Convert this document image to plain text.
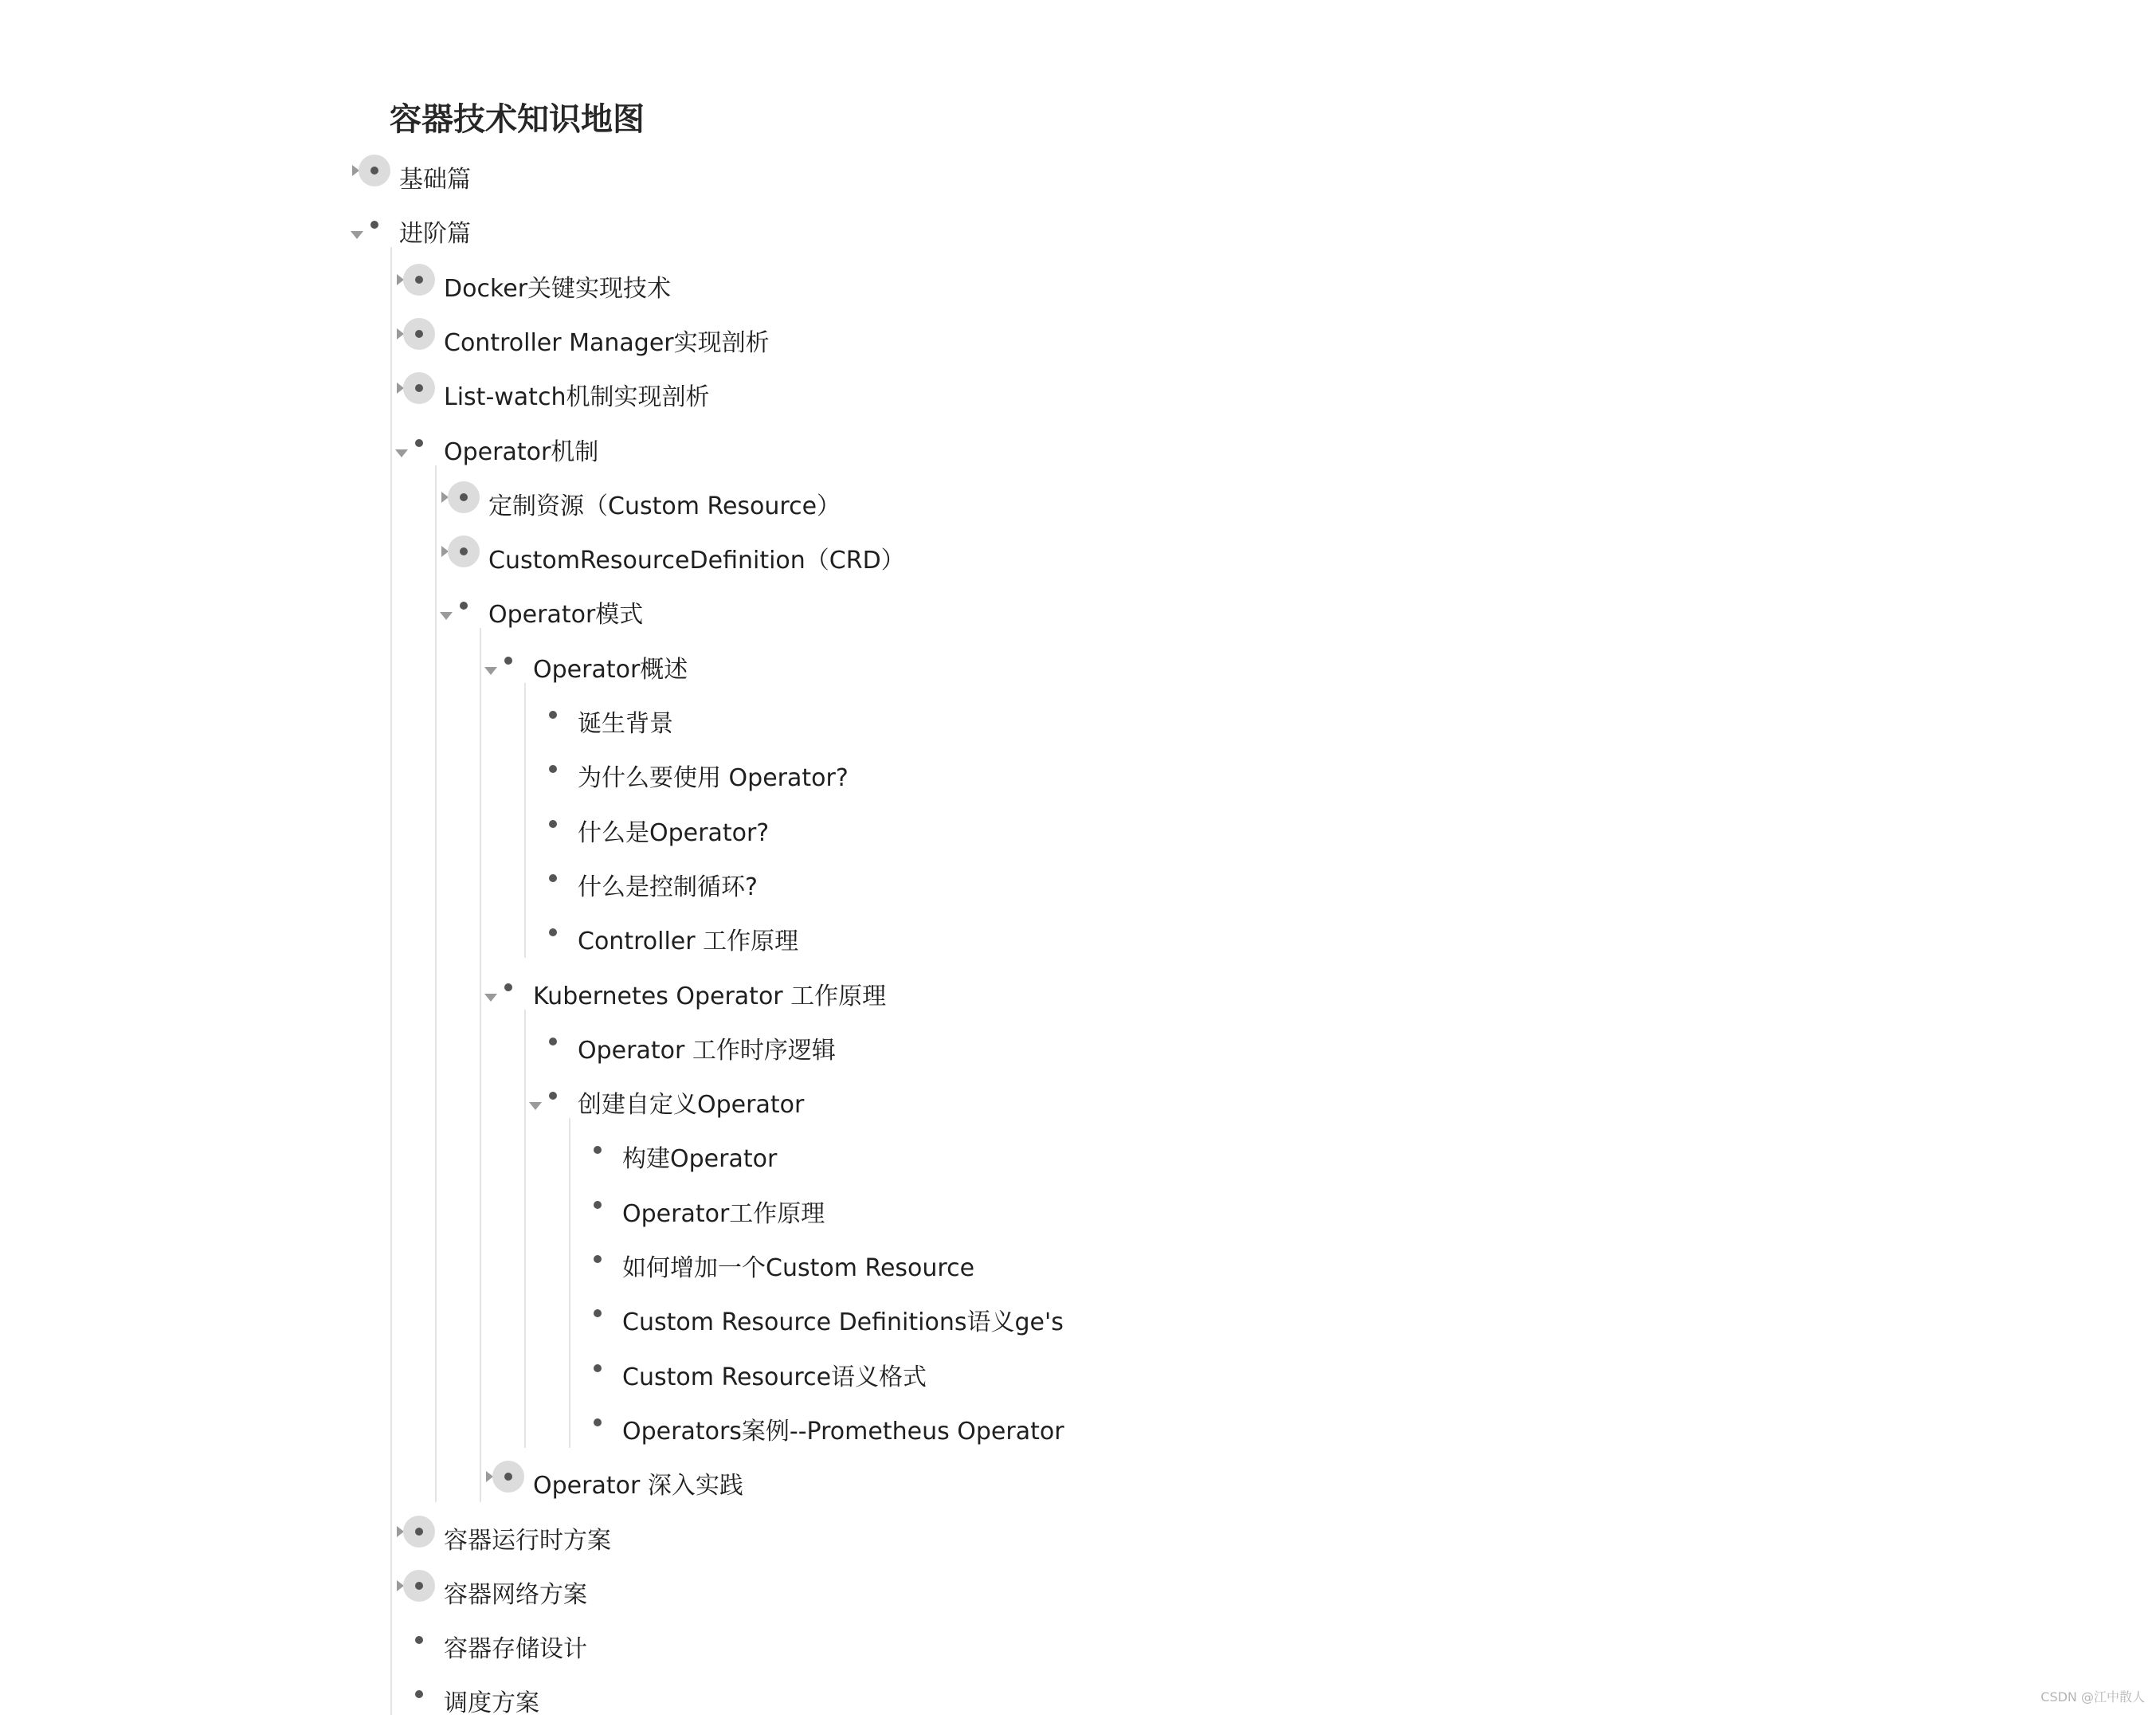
容器技术知识地图
基础篇
进阶篇
Docker关键实现技术
Controller Manager实现剖析
List-watch机制实现剖析
Operator机制
定制资源（Custom Resource）
CustomResourceDefinition（CRD）
Operator模式
Operator概述
诞生背景
为什么要使用 Operator?
什么是Operator?
什么是控制循环?
Controller 工作原理
Kubernetes Operator 工作原理
Operator 工作时序逻辑
创建自定义Operator
构建Operator
Operator工作原理
如何增加一个Custom Resource
Custom Resource Definitions语义ge's
Custom Resource语义格式
Operators案例--Prometheus Operator
Operator 深入实践
容器运行时方案
容器网络方案
容器存储设计
调度方案	CSDN @江中散人
